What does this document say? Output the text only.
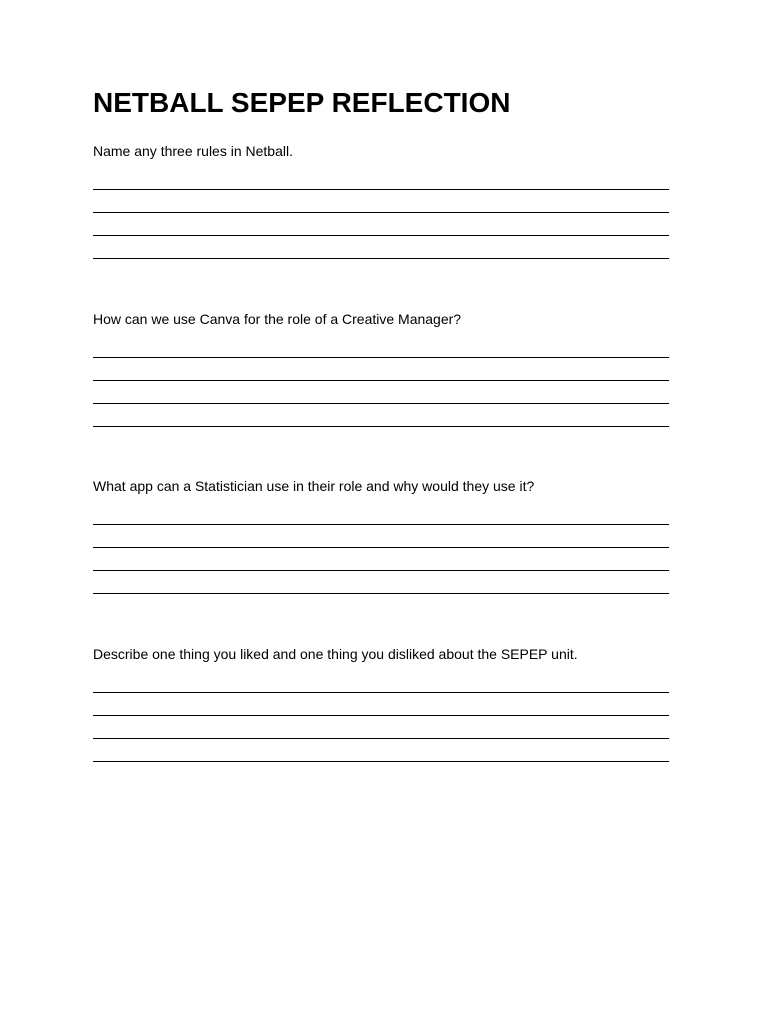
NETBALL SEPEP REFLECTION

Name any three rules in Netball.

How can we use Canva for the role of a Creative Manager?

What app can a Statistician use in their role and why would they use it?

Describe one thing you liked and one thing you disliked about the SEPEP unit.
